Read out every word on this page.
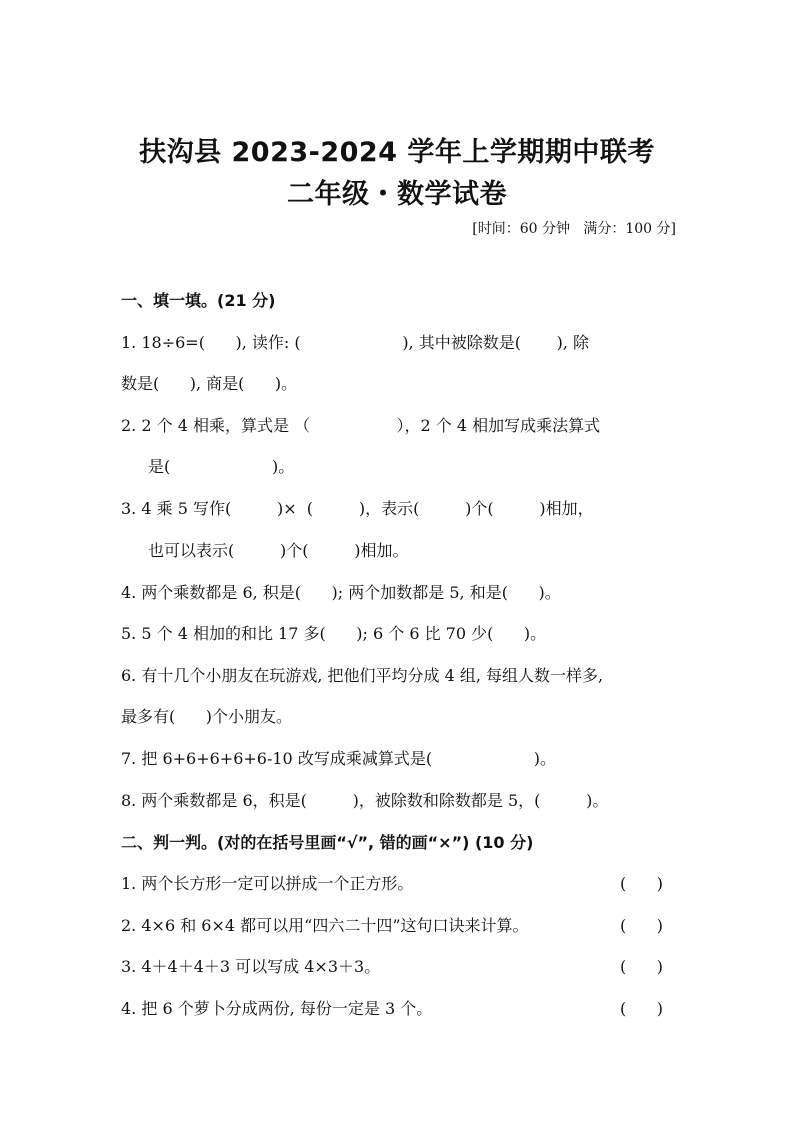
扶沟县 2023-2024 学年上学期期中联考
二年级・数学试卷
[时间：60 分钟   满分：100 分]
一、填一填。(21 分)
1. 18÷6=(      ), 读作: (                    ), 其中被除数是(       ), 除
数是(      ), 商是(      )。
2. 2 个 4 相乘，算式是 （                 ），2 个 4 相加写成乘法算式
是(                    )。
3. 4 乘 5 写作(         )×  (         )，表示(         )个(         )相加，
也可以表示(         )个(         )相加。
4. 两个乘数都是 6, 积是(      ); 两个加数都是 5, 和是(      )。
5. 5 个 4 相加的和比 17 多(      ); 6 个 6 比 70 少(      )。
6. 有十几个小朋友在玩游戏, 把他们平均分成 4 组, 每组人数一样多,
最多有(      )个小朋友。
7. 把 6+6+6+6+6-10 改写成乘减算式是(                    )。
8. 两个乘数都是 6，积是(         )，被除数和除数都是 5，(         )。
二、判一判。(对的在括号里画“√”, 错的画“×”) (10 分)
1. 两个长方形一定可以拼成一个正方形。	(      )
2. 4×6 和 6×4 都可以用“四六二十四”这句口诀来计算。	(      )
3. 4＋4＋4＋3 可以写成 4×3＋3。	(      )
4. 把 6 个萝卜分成两份, 每份一定是 3 个。	(      )
